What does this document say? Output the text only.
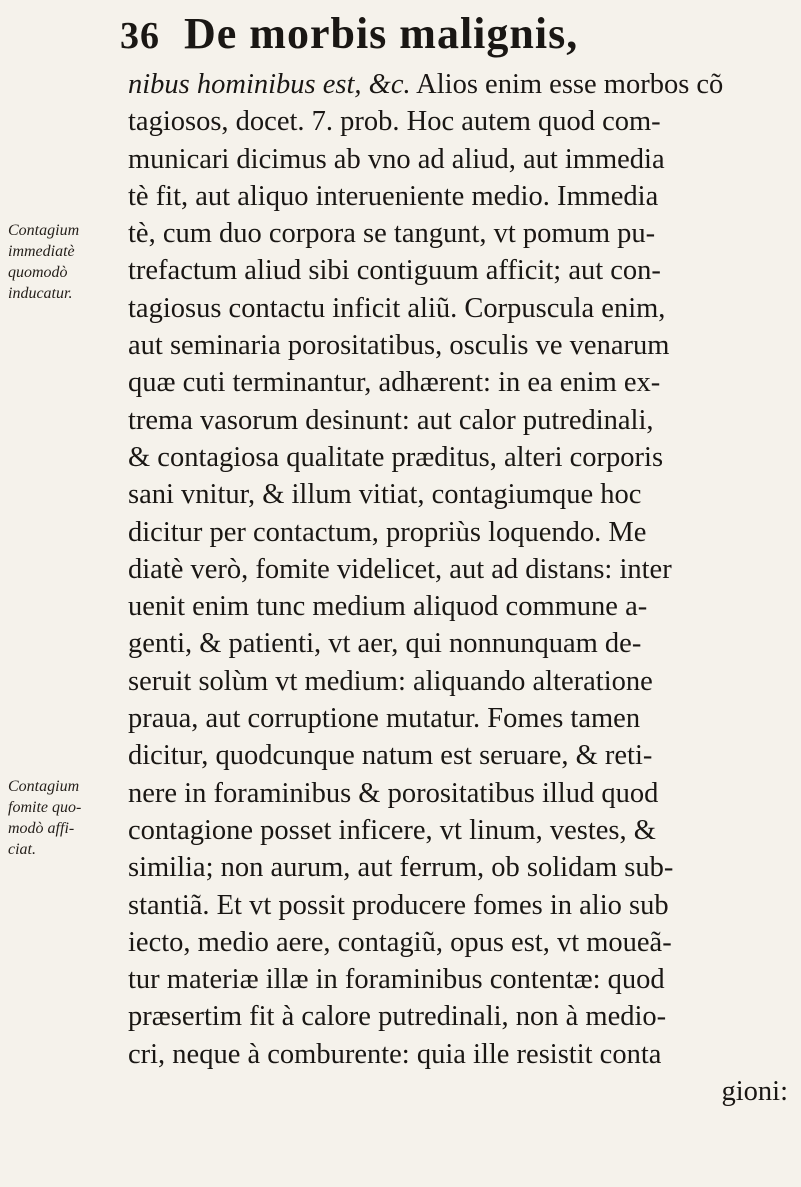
36 De morbis malignis,
Contagium
immediatè
quomodò
inducatur.
Contagium
fomite quo-
modò affi-
ciat.
nibus hominibus est, &c. Alios enim esse morbos cõ
tagiosos, docet. 7. prob. Hoc autem quod com-
municari dicimus ab vno ad aliud, aut immedia
tè fit, aut aliquo interueniente medio. Immedia
tè, cum duo corpora se tangunt, vt pomum pu-
trefactum aliud sibi contiguum afficit; aut con-
tagiosus contactu inficit aliũ. Corpuscula enim,
aut seminaria porositatibus, osculis ve venarum
quæ cuti terminantur, adhærent: in ea enim ex-
trema vasorum desinunt: aut calor putredinali,
& contagiosa qualitate præditus, alteri corporis
sani vnitur, & illum vitiat, contagiumque hoc
dicitur per contactum, propriùs loquendo. Me
diatè verò, fomite videlicet, aut ad distans: inter
uenit enim tunc medium aliquod commune a-
genti, & patienti, vt aer, qui nonnunquam de-
seruit solùm vt medium: aliquando alteratione
praua, aut corruptione mutatur. Fomes tamen
dicitur, quodcunque natum est seruare, & reti-
nere in foraminibus & porositatibus illud quod
contagione posset inficere, vt linum, vestes, &
similia; non aurum, aut ferrum, ob solidam sub-
stantiã. Et vt possit producere fomes in alio sub
iecto, medio aere, contagiũ, opus est, vt moueã-
tur materiæ illæ in foraminibus contentæ: quod
præsertim fit à calore putredinali, non à medio-
cri, neque à comburente: quia ille resistit conta
gioni:
